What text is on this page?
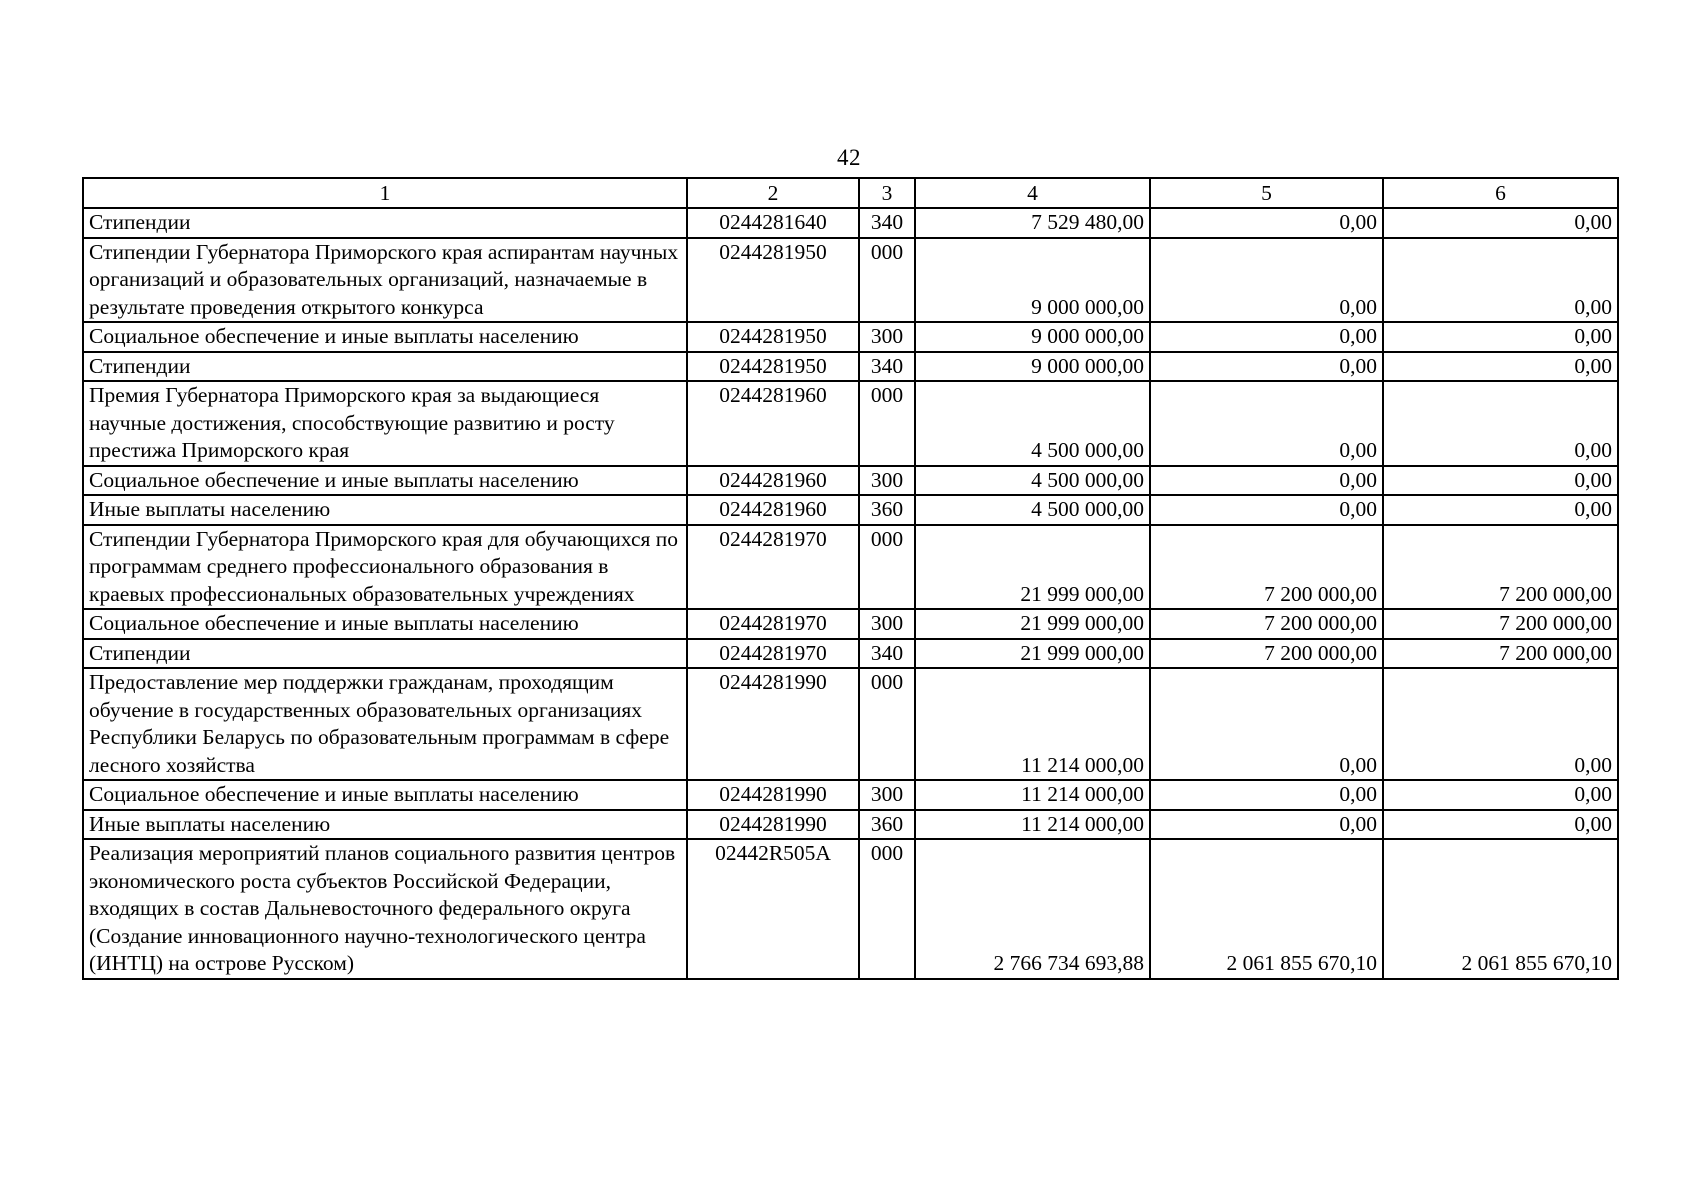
42
1	2	3	4	5	6
Стипендии	0244281640	340	7 529 480,00	0,00	0,00
Стипендии Губернатора Приморского края аспирантам научных организаций и образовательных организаций, назначаемые в результате проведения открытого конкурса	0244281950	000	9 000 000,00	0,00	0,00
Социальное обеспечение и иные выплаты населению	0244281950	300	9 000 000,00	0,00	0,00
Стипендии	0244281950	340	9 000 000,00	0,00	0,00
Премия Губернатора Приморского края за выдающиеся научные достижения, способствующие развитию и росту престижа Приморского края	0244281960	000	4 500 000,00	0,00	0,00
Социальное обеспечение и иные выплаты населению	0244281960	300	4 500 000,00	0,00	0,00
Иные выплаты населению	0244281960	360	4 500 000,00	0,00	0,00
Стипендии Губернатора Приморского края для обучающихся по программам среднего профессионального образования в краевых профессиональных образовательных учреждениях	0244281970	000	21 999 000,00	7 200 000,00	7 200 000,00
Социальное обеспечение и иные выплаты населению	0244281970	300	21 999 000,00	7 200 000,00	7 200 000,00
Стипендии	0244281970	340	21 999 000,00	7 200 000,00	7 200 000,00
Предоставление мер поддержки гражданам, проходящим обучение в государственных образовательных организациях Республики Беларусь по образовательным программам в сфере лесного хозяйства	0244281990	000	11 214 000,00	0,00	0,00
Социальное обеспечение и иные выплаты населению	0244281990	300	11 214 000,00	0,00	0,00
Иные выплаты населению	0244281990	360	11 214 000,00	0,00	0,00
Реализация мероприятий планов социального развития центров экономического роста субъектов Российской Федерации, входящих в состав Дальневосточного федерального округа (Создание инновационного научно-технологического центра (ИНТЦ) на острове Русском)	02442R505A	000	2 766 734 693,88	2 061 855 670,10	2 061 855 670,10
